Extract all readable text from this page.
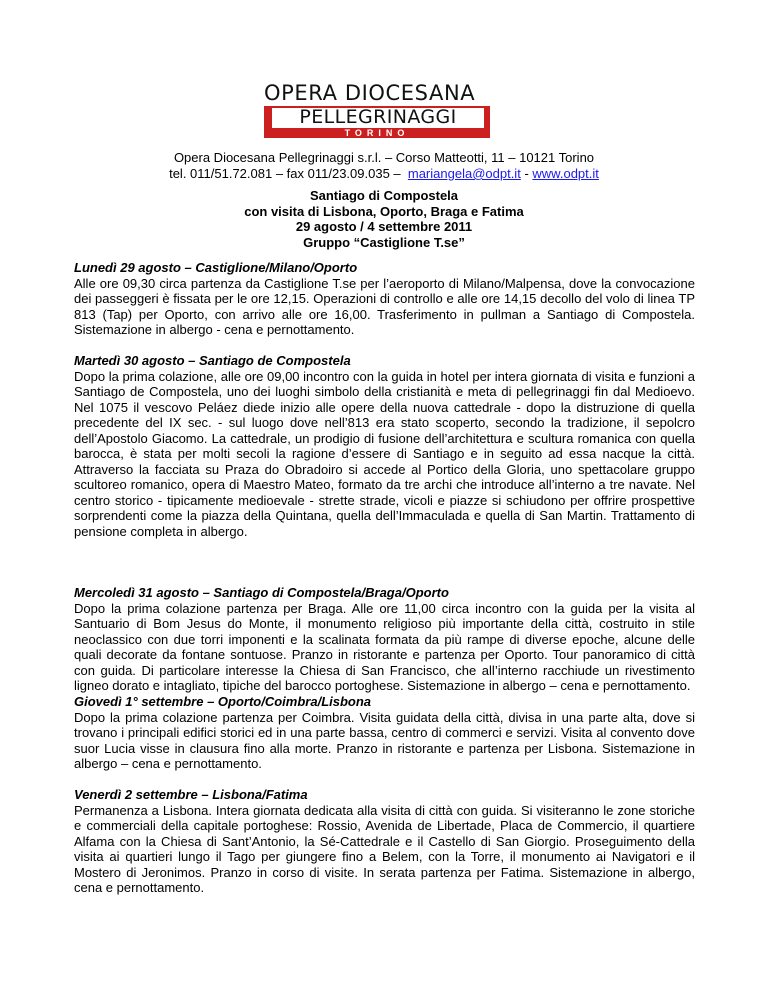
OPERA DIOCESANA
PELLEGRINAGGI
TORINO
Opera Diocesana Pellegrinaggi s.r.l. – Corso Matteotti, 11 – 10121 Torino
tel. 011/51.72.081 – fax 011/23.09.035 – mariangela@odpt.it - www.odpt.it
Santiago di Compostela
con visita di Lisbona, Oporto, Braga e Fatima
29 agosto / 4 settembre 2011
Gruppo “Castiglione T.se”
Lunedì 29 agosto – Castiglione/Milano/Oporto

Alle ore 09,30 circa partenza da Castiglione T.se per l’aeroporto di Milano/Malpensa, dove la convocazione dei passeggeri è fissata per le ore 12,15. Operazioni di controllo e alle ore 14,15 decollo del volo di linea TP 813 (Tap) per Oporto, con arrivo alle ore 16,00. Trasferimento in pullman a Santiago di Compostela. Sistemazione in albergo - cena e pernottamento.

Martedì 30 agosto – Santiago de Compostela

Dopo la prima colazione, alle ore 09,00 incontro con la guida in hotel per intera giornata di visita e funzioni a Santiago de Compostela, uno dei luoghi simbolo della cristianità e meta di pellegrinaggi fin dal Medioevo. Nel 1075 il vescovo Peláez diede inizio alle opere della nuova cattedrale - dopo la distruzione di quella precedente del IX sec. - sul luogo dove nell’813 era stato scoperto, secondo la tradizione, il sepolcro dell’Apostolo Giacomo. La cattedrale, un prodigio di fusione dell’architettura e scultura romanica con quella barocca, è stata per molti secoli la ragione d’essere di Santiago e in seguito ad essa nacque la città. Attraverso la facciata su Praza do Obradoiro si accede al Portico della Gloria, uno spettacolare gruppo scultoreo romanico, opera di Maestro Mateo, formato da tre archi che introduce all’interno a tre navate. Nel centro storico - tipicamente medioevale - strette strade, vicoli e piazze si schiudono per offrire prospettive sorprendenti come la piazza della Quintana, quella dell’Immaculada e quella di San Martin. Trattamento di pensione completa in albergo.

Mercoledì 31 agosto – Santiago di Compostela/Braga/Oporto

Dopo la prima colazione partenza per Braga. Alle ore 11,00 circa incontro con la guida per la visita al Santuario di Bom Jesus do Monte, il monumento religioso più importante della città, costruito in stile neoclassico con due torri imponenti e la scalinata formata da più rampe di diverse epoche, alcune delle quali decorate da fontane sontuose. Pranzo in ristorante e partenza per Oporto. Tour panoramico di città con guida. Di particolare interesse la Chiesa di San Francisco, che all’interno racchiude un rivestimento ligneo dorato e intagliato, tipiche del barocco portoghese. Sistemazione in albergo – cena e pernottamento.

Giovedì 1° settembre – Oporto/Coimbra/Lisbona

Dopo la prima colazione partenza per Coimbra. Visita guidata della città, divisa in una parte alta, dove si trovano i principali edifici storici ed in una parte bassa, centro di commerci e servizi. Visita al convento dove suor Lucia visse in clausura fino alla morte. Pranzo in ristorante e partenza per Lisbona. Sistemazione in albergo – cena e pernottamento.

Venerdì 2 settembre – Lisbona/Fatima

Permanenza a Lisbona. Intera giornata dedicata alla visita di città con guida. Si visiteranno le zone storiche e commerciali della capitale portoghese: Rossio, Avenida de Libertade, Placa de Commercio, il quartiere Alfama con la Chiesa di Sant’Antonio, la Sé-Cattedrale e il Castello di San Giorgio. Proseguimento della visita ai quartieri lungo il Tago per giungere fino a Belem, con la Torre, il monumento ai Navigatori e il Mostero di Jeronimos. Pranzo in corso di visite. In serata partenza per Fatima. Sistemazione in albergo, cena e pernottamento.
